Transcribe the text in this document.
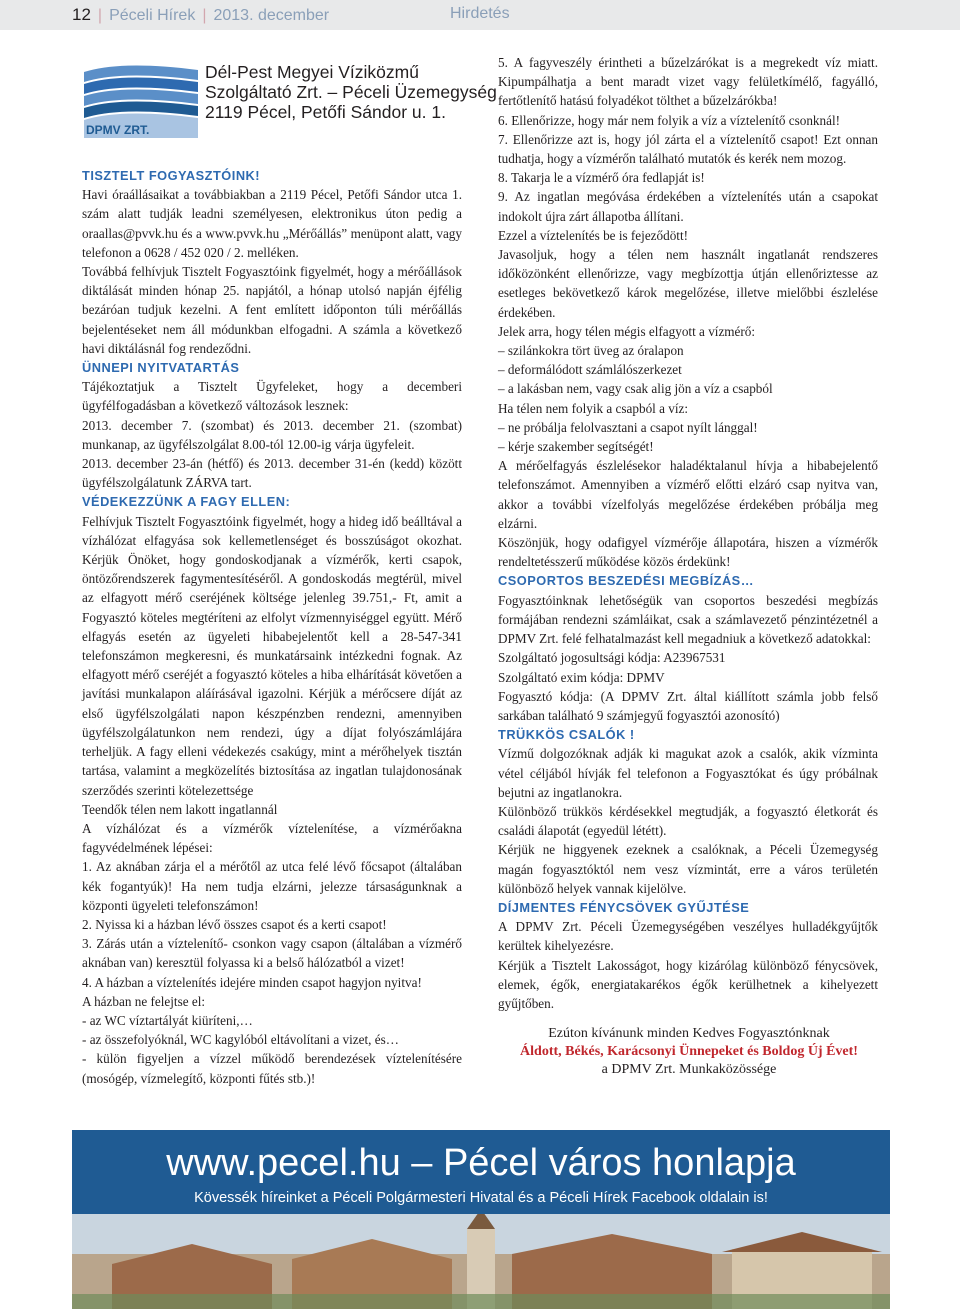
12 | Péceli Hírek | 2013. december	Hirdetés
DPMV ZRT.
Dél-Pest Megyei Víziközmű
Szolgáltató Zrt. – Péceli Üzemegység
2119 Pécel, Petőfi Sándor u. 1.

TISZTELT FOGYASZTÓINK!

Havi óraállásaikat a továbbiakban a 2119 Pécel, Petőfi Sándor utca 1. szám alatt tudják leadni személyesen, elektronikus úton pedig a oraallas@pvvk.hu és a www.pvvk.hu „Mérőállás” menüpont alatt, vagy telefonon a 0628 / 452 020 / 2. melléken.

Továbbá felhívjuk Tisztelt Fogyasztóink figyelmét, hogy a mérőállások diktálását minden hónap 25. napjától, a hónap utolsó napján éjfélig bezáróan tudjuk kezelni. A fent említett időponton túli mérőállás bejelentéseket nem áll módunkban elfogadni. A számla a következő havi diktálásnál fog rendeződni.

ÜNNEPI NYITVATARTÁS

Tájékoztatjuk a Tisztelt Ügyfeleket, hogy a decemberi ügyfélfogadásban a következő változások lesznek:

2013. december 7. (szombat) és 2013. december 21. (szombat) munkanap, az ügyfélszolgálat 8.00-tól 12.00-ig várja ügyfeleit.

2013. december 23-án (hétfő) és 2013. december 31-én (kedd) között ügyfélszolgálatunk ZÁRVA tart.

VÉDEKEZZÜNK A FAGY ELLEN:

Felhívjuk Tisztelt Fogyasztóink figyelmét, hogy a hideg idő beálltával a vízhálózat elfagyása sok kellemetlenséget és bosszúságot okozhat. Kérjük Önöket, hogy gondoskodjanak a vízmérők, kerti csapok, öntözőrendszerek fagymentesítéséről. A gondoskodás megtérül, mivel az elfagyott mérő cseréjének költsége jelenleg 39.751,- Ft, amit a Fogyasztó köteles megtéríteni az elfolyt vízmennyiséggel együtt. Mérő elfagyás esetén az ügyeleti hibabejelentőt kell a 28-547-341 telefonszámon megkeresni, és munkatársaink intézkedni fognak. Az elfagyott mérő cseréjét a fogyasztó köteles a hiba elhárítását követően a javítási munkalapon aláírásával igazolni. Kérjük a mérőcsere díját az első ügyfélszolgálati napon készpénzben rendezni, amennyiben ügyfélszolgálatunkon nem rendezi, úgy a díjat folyószámlájára terheljük. A fagy elleni védekezés csakúgy, mint a mérőhelyek tisztán tartása, valamint a megközelítés biztosítása az ingatlan tulajdonosának szerződés szerinti kötelezettsége

Teendők télen nem lakott ingatlannál

A vízhálózat és a vízmérők víztelenítése, a vízmérőakna fagyvédelmének lépései:

1. Az aknában zárja el a mérőtől az utca felé lévő főcsapot (általában kék fogantyúk)! Ha nem tudja elzárni, jelezze társaságunknak a központi ügyeleti telefonszámon!

2. Nyissa ki a házban lévő összes csapot és a kerti csapot!

3. Zárás után a víztelenítő- csonkon vagy csapon (általában a vízmérő aknában van) keresztül folyassa ki a belső hálózatból a vizet!

4. A házban a víztelenítés idejére minden csapot hagyjon nyitva!

A házban ne felejtse el:

- az WC víztartályát kiüríteni,…

- az összefolyóknál, WC kagylóból eltávolítani a vizet, és…

- külön figyeljen a vízzel működő berendezések víztelenítésére (mosógép, vízmelegítő, központi fűtés stb.)!

5. A fagyveszély érintheti a bűzelzárókat is a megrekedt víz miatt. Kipumpálhatja a bent maradt vizet vagy felületkímélő, fagyálló, fertőtlenítő hatású folyadékot tölthet a bűzelzárókba!

6. Ellenőrizze, hogy már nem folyik a víz a víztelenítő csonknál!

7. Ellenőrizze azt is, hogy jól zárta el a víztelenítő csapot! Ezt onnan tudhatja, hogy a vízmérőn található mutatók és kerék nem mozog.

8. Takarja le a vízmérő óra fedlapját is!

9. Az ingatlan megóvása érdekében a víztelenítés után a csapokat indokolt újra zárt állapotba állítani.

Ezzel a víztelenítés be is fejeződött!

Javasoljuk, hogy a télen nem használt ingatlanát rendszeres időközönként ellenőrizze, vagy megbízottja útján ellenőriztesse az esetleges bekövetkező károk megelőzése, illetve mielőbbi észlelése érdekében.

Jelek arra, hogy télen mégis elfagyott a vízmérő:

– szilánkokra tört üveg az óralapon

– deformálódott számlálószerkezet

– a lakásban nem, vagy csak alig jön a víz a csapból

Ha télen nem folyik a csapból a víz:

– ne próbálja felolvasztani a csapot nyílt lánggal!

– kérje szakember segítségét!

A mérőelfagyás észlelésekor haladéktalanul hívja a hibabejelentő telefonszámot. Amennyiben a vízmérő előtti elzáró csap nyitva van, akkor a további vízelfolyás megelőzése érdekében próbálja meg elzárni.

Köszönjük, hogy odafigyel vízmérője állapotára, hiszen a vízmérők rendeltetésszerű működése közös érdekünk!

CSOPORTOS BESZEDÉSI MEGBÍZÁS…

Fogyasztóinknak lehetőségük van csoportos beszedési megbízás formájában rendezni számláikat, csak a számlavezető pénzintézetnél a DPMV Zrt. felé felhatalmazást kell megadniuk a következő adatokkal:

Szolgáltató jogosultsági kódja: A23967531

Szolgáltató exim kódja: DPMV

Fogyasztó kódja: (A DPMV Zrt. által kiállított számla jobb felső sarkában található 9 számjegyű fogyasztói azonosító)

TRÜKKÖS CSALÓK !

Vízmű dolgozóknak adják ki magukat azok a csalók, akik vízminta vétel céljából hívják fel telefonon a Fogyasztókat és úgy próbálnak bejutni az ingatlanokra.

Különböző trükkös kérdésekkel megtudják, a fogyasztó életkorát és családi álapotát (egyedül lététt).

Kérjük ne higgyenek ezeknek a csalóknak, a Péceli Üzemegység magán fogyasztóktól nem vesz vízmintát, erre a város területén különböző helyek vannak kijelölve.

DÍJMENTES FÉNYCSÖVEK GYŰJTÉSE

A DPMV Zrt. Péceli Üzemegységében veszélyes hulladékgyűjtők kerültek kihelyezésre.

Kérjük a Tisztelt Lakosságot, hogy kizárólag különböző fénycsövek, elemek, égők, energiatakarékos égők kerülhetnek a kihelyezett gyűjtőben.

Ezúton kívánunk minden Kedves Fogyasztónknak
Áldott, Békés, Karácsonyi Ünnepeket és Boldog Új Évet!
a DPMV Zrt. Munkaközössége
www.pecel.hu – Pécel város honlapja
Kövessék híreinket a Péceli Polgármesteri Hivatal és a Péceli Hírek Facebook oldalain is!
